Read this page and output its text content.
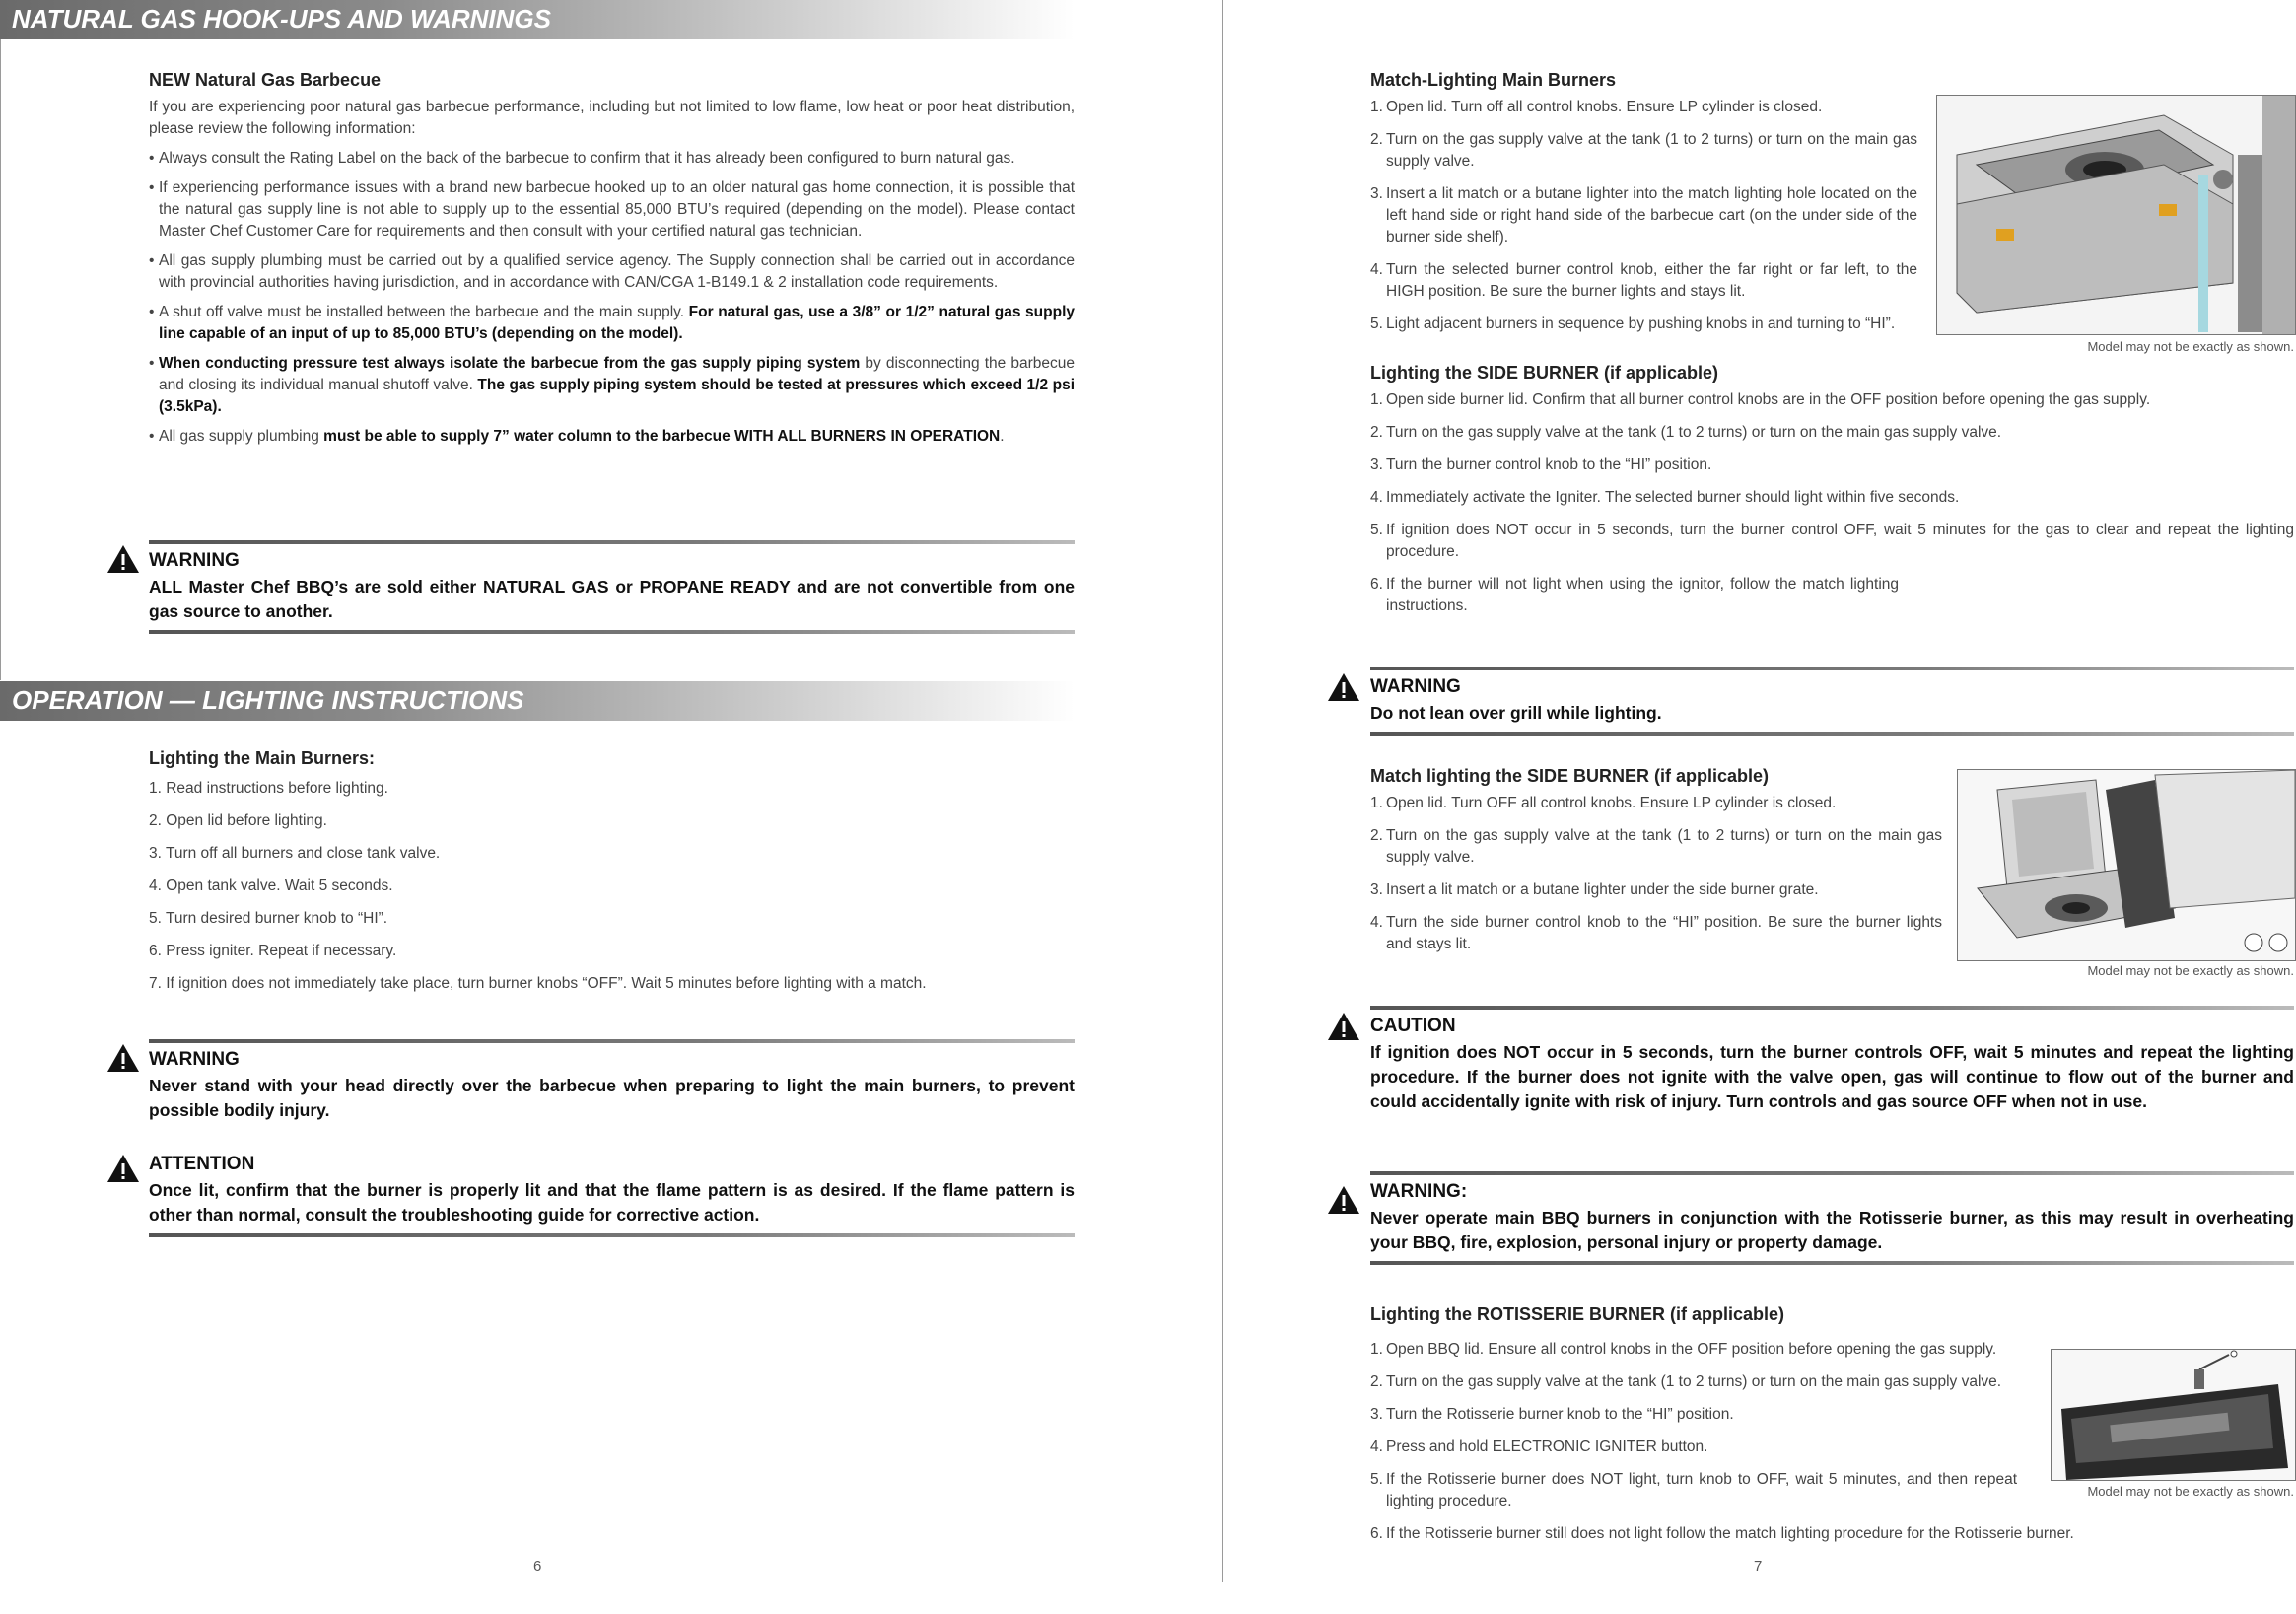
NATURAL GAS HOOK-UPS AND WARNINGS
NEW Natural Gas Barbecue
If you are experiencing poor natural gas barbecue performance, including but not limited to low flame, low heat or poor heat distribution, please review the following information:
• Always consult the Rating Label on the back of the barbecue to confirm that it has already been configured to burn natural gas.
• If experiencing performance issues with a brand new barbecue hooked up to an older natural gas home connection, it is possible that the natural gas supply line is not able to supply up to the essential 85,000 BTU’s required (depending on the model). Please contact Master Chef Customer Care for requirements and then consult with your certified natural gas technician.
• All gas supply plumbing must be carried out by a qualified service agency. The Supply connection shall be carried out in accordance with provincial authorities having jurisdiction, and in accordance with CAN/CGA 1-B149.1 & 2 installation code requirements.
• A shut off valve must be installed between the barbecue and the main supply. For natural gas, use a 3/8” or 1/2” natural gas supply line capable of an input of up to 85,000 BTU’s (depending on the model).
• When conducting pressure test always isolate the barbecue from the gas supply piping system by disconnecting the barbecue and closing its individual manual shutoff valve. The gas supply piping system should be tested at pressures which exceed 1/2 psi (3.5kPa).
• All gas supply plumbing must be able to supply 7” water column to the barbecue WITH ALL BURNERS IN OPERATION.
WARNING
ALL Master Chef BBQ’s are sold either NATURAL GAS or PROPANE READY and are not convertible from one gas source to another.
OPERATION — LIGHTING INSTRUCTIONS
Lighting the Main Burners:
1. Read instructions before lighting.
2. Open lid before lighting.
3. Turn off all burners and close tank valve.
4. Open tank valve. Wait 5 seconds.
5. Turn desired burner knob to “HI”.
6. Press igniter. Repeat if necessary.
7. If ignition does not immediately take place, turn burner knobs “OFF”. Wait 5 minutes before lighting with a match.
WARNING
Never stand with your head directly over the barbecue when preparing to light the main burners, to prevent possible bodily injury.
ATTENTION
Once lit, confirm that the burner is properly lit and that the flame pattern is as desired. If the flame pattern is other than normal, consult the troubleshooting guide for corrective action.
6
Match-Lighting Main Burners
1. Open lid. Turn off all control knobs. Ensure LP cylinder is closed.
2. Turn on the gas supply valve at the tank (1 to 2 turns) or turn on the main gas supply valve.
3. Insert a lit match or a butane lighter into the match lighting hole located on the left hand side or right hand side of the barbecue cart (on the under side of the burner side shelf).
4. Turn the selected burner control knob, either the far right or far left, to the HIGH position. Be sure the burner lights and stays lit.
5. Light adjacent burners in sequence by pushing knobs in and turning to “HI”.
Model may not be exactly as shown.
Lighting the SIDE BURNER (if applicable)
1. Open side burner lid. Confirm that all burner control knobs are in the OFF position before opening the gas supply.
2. Turn on the gas supply valve at the tank (1 to 2 turns) or turn on the main gas supply valve.
3. Turn the burner control knob to the “HI” position.
4. Immediately activate the Igniter. The selected burner should light within five seconds.
5. If ignition does NOT occur in 5 seconds, turn the burner control OFF, wait 5 minutes for the gas to clear and repeat the lighting procedure.
6. If the burner will not light when using the ignitor, follow the match lighting instructions.
WARNING
Do not lean over grill while lighting.
Match lighting the SIDE BURNER (if applicable)
1. Open lid. Turn OFF all control knobs. Ensure LP cylinder is closed.
2. Turn on the gas supply valve at the tank (1 to 2 turns) or turn on the main gas supply valve.
3. Insert a lit match or a butane lighter under the side burner grate.
4. Turn the side burner control knob to the “HI” position. Be sure the burner lights and stays lit.
Model may not be exactly as shown.
CAUTION
If ignition does NOT occur in 5 seconds, turn the burner controls OFF, wait 5 minutes and repeat the lighting procedure. If the burner does not ignite with the valve open, gas will continue to flow out of the burner and could accidentally ignite with risk of injury. Turn controls and gas source OFF when not in use.
WARNING:
Never operate main BBQ burners in conjunction with the Rotisserie burner, as this may result in overheating your BBQ, fire, explosion, personal injury or property damage.
Lighting the ROTISSERIE BURNER (if applicable)
1. Open BBQ lid. Ensure all control knobs in the OFF position before opening the gas supply.
2. Turn on the gas supply valve at the tank (1 to 2 turns) or turn on the main gas supply valve.
3. Turn the Rotisserie burner knob to the “HI” position.
4. Press and hold ELECTRONIC IGNITER button.
5. If the Rotisserie burner does NOT light, turn knob to OFF, wait 5 minutes, and then repeat lighting procedure.
6. If the Rotisserie burner still does not light follow the match lighting procedure for the Rotisserie burner.
Model may not be exactly as shown.
7
